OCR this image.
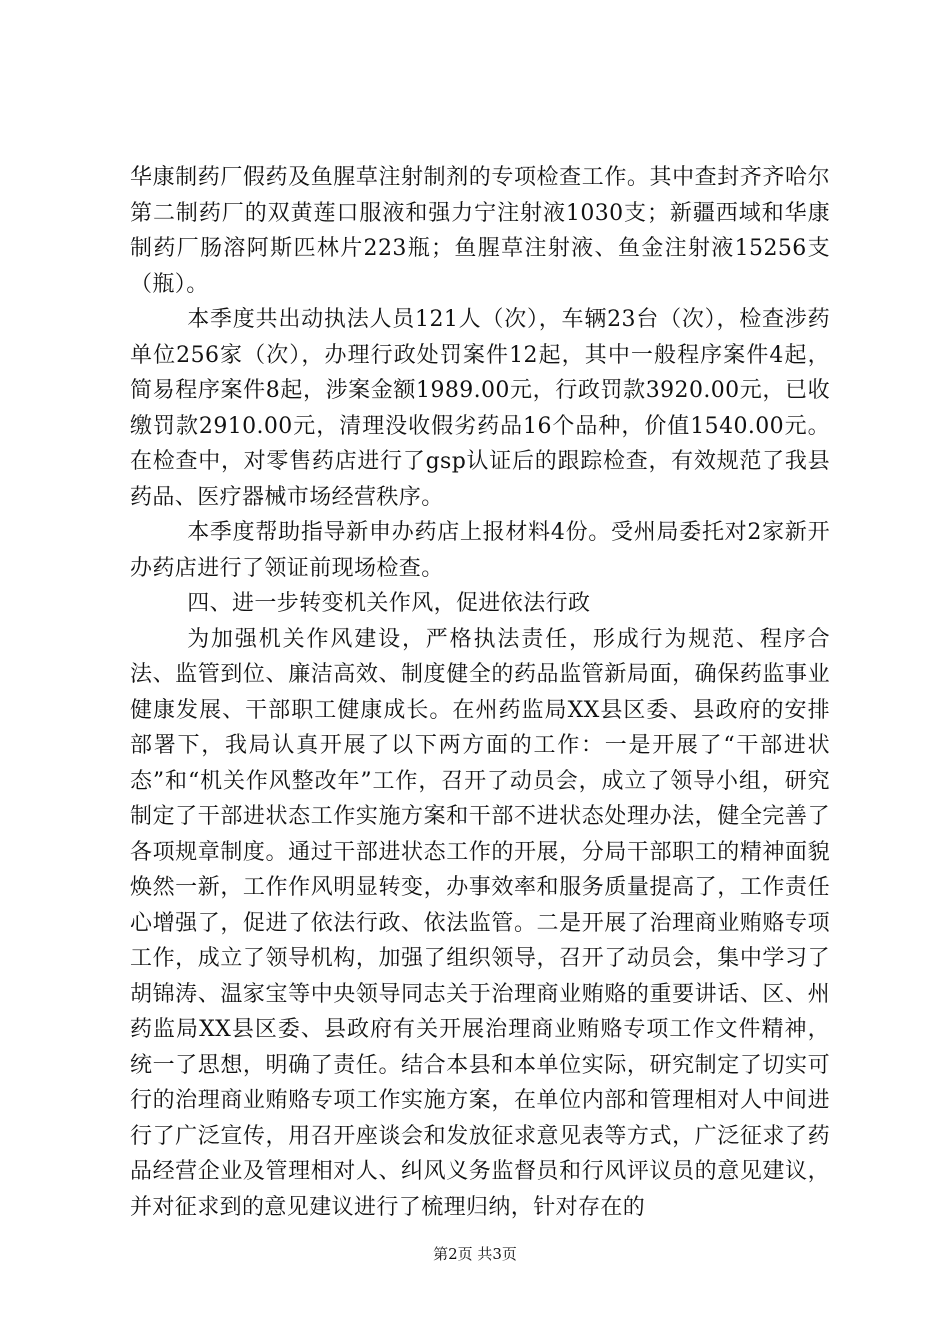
华康制药厂假药及鱼腥草注射制剂的专项检查工作。其中查封齐齐哈尔第二制药厂的双黄莲口服液和强力宁注射液1030支；新疆西域和华康制药厂肠溶阿斯匹林片223瓶；鱼腥草注射液、鱼金注射液15256支（瓶）。

本季度共出动执法人员121人（次），车辆23台（次），检查涉药单位256家（次），办理行政处罚案件12起，其中一般程序案件4起，简易程序案件8起，涉案金额1989.00元，行政罚款3920.00元，已收缴罚款2910.00元，清理没收假劣药品16个品种，价值1540.00元。在检查中，对零售药店进行了gsp认证后的跟踪检查，有效规范了我县药品、医疗器械市场经营秩序。

本季度帮助指导新申办药店上报材料4份。受州局委托对2家新开办药店进行了领证前现场检查。

四、进一步转变机关作风，促进依法行政

为加强机关作风建设，严格执法责任，形成行为规范、程序合法、监管到位、廉洁高效、制度健全的药品监管新局面，确保药监事业健康发展、干部职工健康成长。在州药监局XX县区委、县政府的安排部署下，我局认真开展了以下两方面的工作：一是开展了“干部进状态”和“机关作风整改年”工作，召开了动员会，成立了领导小组，研究制定了干部进状态工作实施方案和干部不进状态处理办法，健全完善了各项规章制度。通过干部进状态工作的开展，分局干部职工的精神面貌焕然一新，工作作风明显转变，办事效率和服务质量提高了，工作责任心增强了，促进了依法行政、依法监管。二是开展了治理商业贿赂专项工作，成立了领导机构，加强了组织领导，召开了动员会，集中学习了胡锦涛、温家宝等中央领导同志关于治理商业贿赂的重要讲话、区、州药监局XX县区委、县政府有关开展治理商业贿赂专项工作文件精神，统一了思想，明确了责任。结合本县和本单位实际，研究制定了切实可行的治理商业贿赂专项工作实施方案，在单位内部和管理相对人中间进行了广泛宣传，用召开座谈会和发放征求意见表等方式，广泛征求了药品经营企业及管理相对人、纠风义务监督员和行风评议员的意见建议，并对征求到的意见建议进行了梳理归纳，针对存在的

第2页 共3页
